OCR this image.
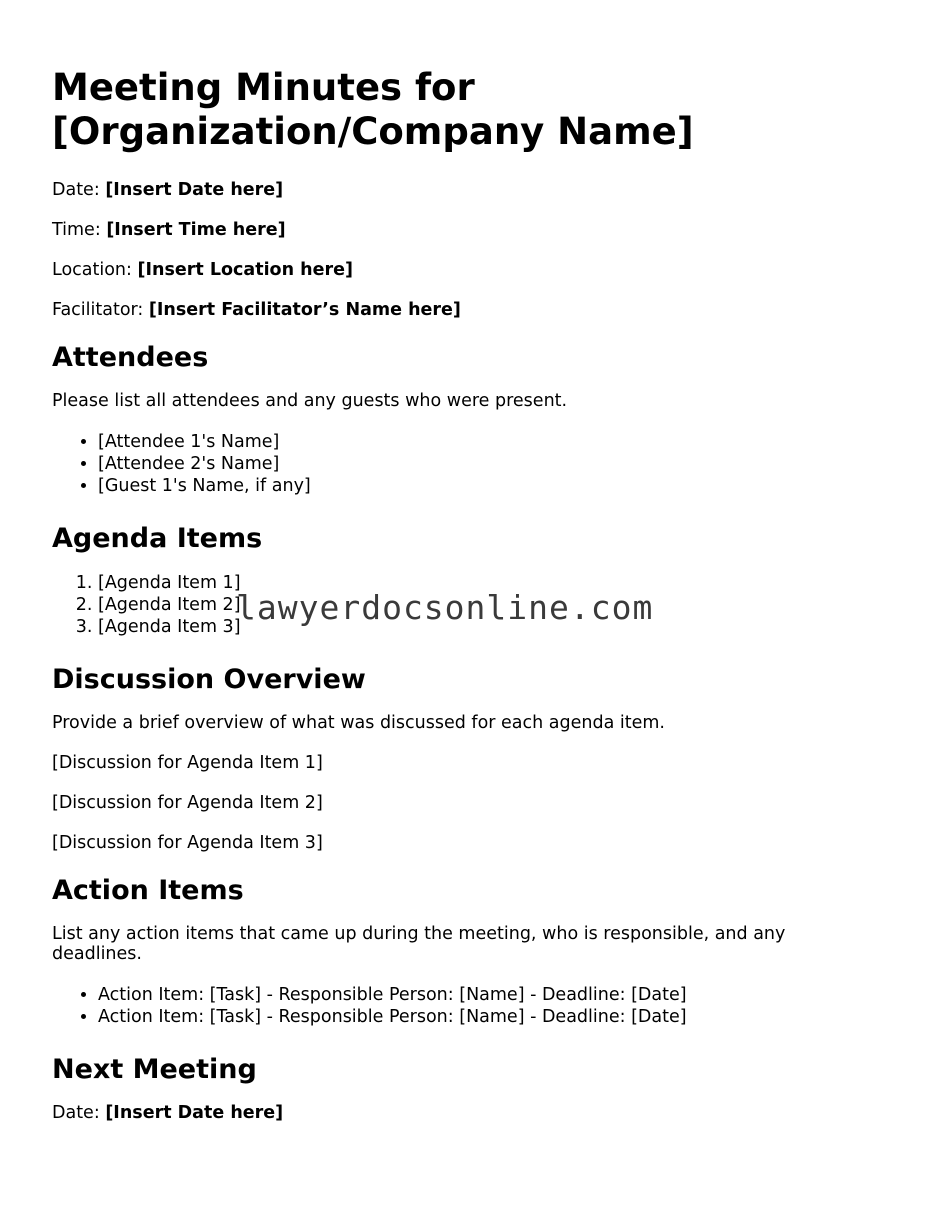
Meeting Minutes for [Organization/Company Name]

Date: [Insert Date here]

Time: [Insert Time here]

Location: [Insert Location here]

Facilitator: [Insert Facilitator’s Name here]

Attendees

Please list all attendees and any guests who were present.

• [Attendee 1's Name]
• [Attendee 2's Name]
• [Guest 1's Name, if any]
Agenda Items
1. [Agenda Item 1]
2. [Agenda Item 2]
3. [Agenda Item 3]
Discussion Overview

Provide a brief overview of what was discussed for each agenda item.

[Discussion for Agenda Item 1]

[Discussion for Agenda Item 2]

[Discussion for Agenda Item 3]

Action Items

List any action items that came up during the meeting, who is responsible, and any deadlines.

• Action Item: [Task] - Responsible Person: [Name] - Deadline: [Date]
• Action Item: [Task] - Responsible Person: [Name] - Deadline: [Date]
Next Meeting

Date: [Insert Date here]

lawyerdocsonline.com
